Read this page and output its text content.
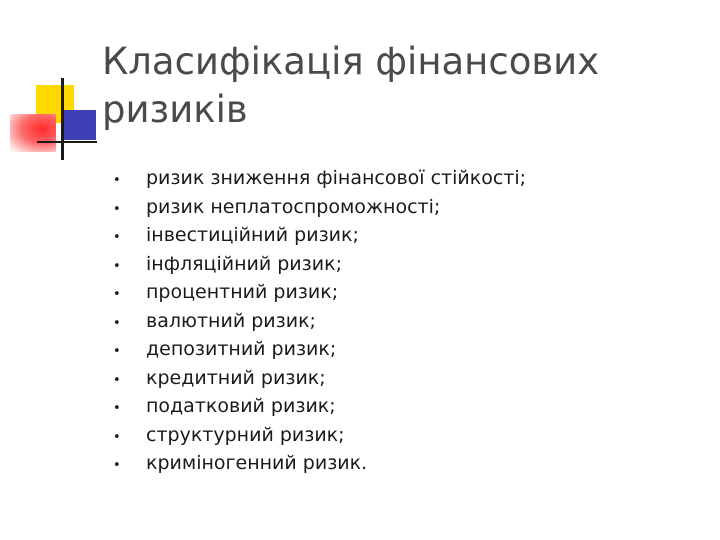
Класифікація фінансових
ризиків
•	ризик зниження фінансової стійкості;
•	ризик неплатоспроможності;
•	інвестиційний ризик;
•	інфляційний ризик;
•	процентний ризик;
•	валютний ризик;
•	депозитний ризик;
•	кредитний ризик;
•	податковий ризик;
•	структурний ризик;
•	криміногенний ризик.
